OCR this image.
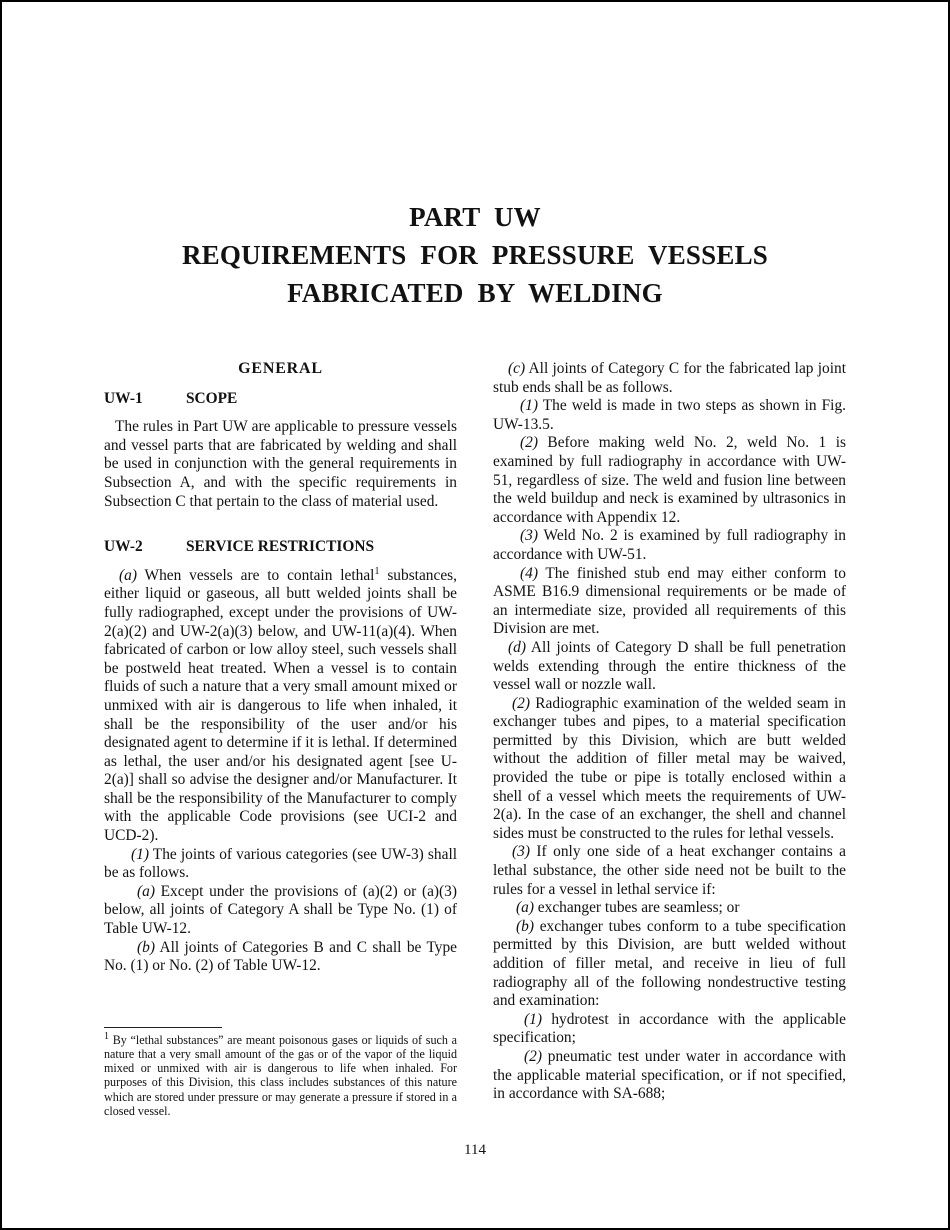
PART UW
REQUIREMENTS FOR PRESSURE VESSELS
FABRICATED BY WELDING
GENERAL
UW-1	SCOPE

The rules in Part UW are applicable to pressure vessels and vessel parts that are fabricated by welding and shall be used in conjunction with the general requirements in Subsection A, and with the specific requirements in Subsection C that pertain to the class of material used.

UW-2	SERVICE RESTRICTIONS

(a) When vessels are to contain lethal$^1$ substances, either liquid or gaseous, all butt welded joints shall be fully radiographed, except under the provisions of UW-2(a)(2) and UW-2(a)(3) below, and UW-11(a)(4). When fabricated of carbon or low alloy steel, such vessels shall be postweld heat treated. When a vessel is to contain fluids of such a nature that a very small amount mixed or unmixed with air is dangerous to life when inhaled, it shall be the responsibility of the user and/or his designated agent to determine if it is lethal. If determined as lethal, the user and/or his designated agent [see U-2(a)] shall so advise the designer and/or Manufacturer. It shall be the responsibility of the Manufacturer to comply with the applicable Code provisions (see UCI-2 and UCD-2).

(1) The joints of various categories (see UW-3) shall be as follows.

(a) Except under the provisions of (a)(2) or (a)(3) below, all joints of Category A shall be Type No. (1) of Table UW-12.

(b) All joints of Categories B and C shall be Type No. (1) or No. (2) of Table UW-12.

$^1$ By “lethal substances” are meant poisonous gases or liquids of such a nature that a very small amount of the gas or of the vapor of the liquid mixed or unmixed with air is dangerous to life when inhaled. For purposes of this Division, this class includes substances of this nature which are stored under pressure or may generate a pressure if stored in a closed vessel.

(c) All joints of Category C for the fabricated lap joint stub ends shall be as follows.

(1) The weld is made in two steps as shown in Fig. UW-13.5.

(2) Before making weld No. 2, weld No. 1 is examined by full radiography in accordance with UW-51, regardless of size. The weld and fusion line between the weld buildup and neck is examined by ultrasonics in accordance with Appendix 12.

(3) Weld No. 2 is examined by full radiography in accordance with UW-51.

(4) The finished stub end may either conform to ASME B16.9 dimensional requirements or be made of an intermediate size, provided all requirements of this Division are met.

(d) All joints of Category D shall be full penetration welds extending through the entire thickness of the vessel wall or nozzle wall.

(2) Radiographic examination of the welded seam in exchanger tubes and pipes, to a material specification permitted by this Division, which are butt welded without the addition of filler metal may be waived, provided the tube or pipe is totally enclosed within a shell of a vessel which meets the requirements of UW-2(a). In the case of an exchanger, the shell and channel sides must be constructed to the rules for lethal vessels.

(3) If only one side of a heat exchanger contains a lethal substance, the other side need not be built to the rules for a vessel in lethal service if:

(a) exchanger tubes are seamless; or

(b) exchanger tubes conform to a tube specification permitted by this Division, are butt welded without addition of filler metal, and receive in lieu of full radiography all of the following nondestructive testing and examination:

(1) hydrotest in accordance with the applicable specification;

(2) pneumatic test under water in accordance with the applicable material specification, or if not specified, in accordance with SA-688;

114
